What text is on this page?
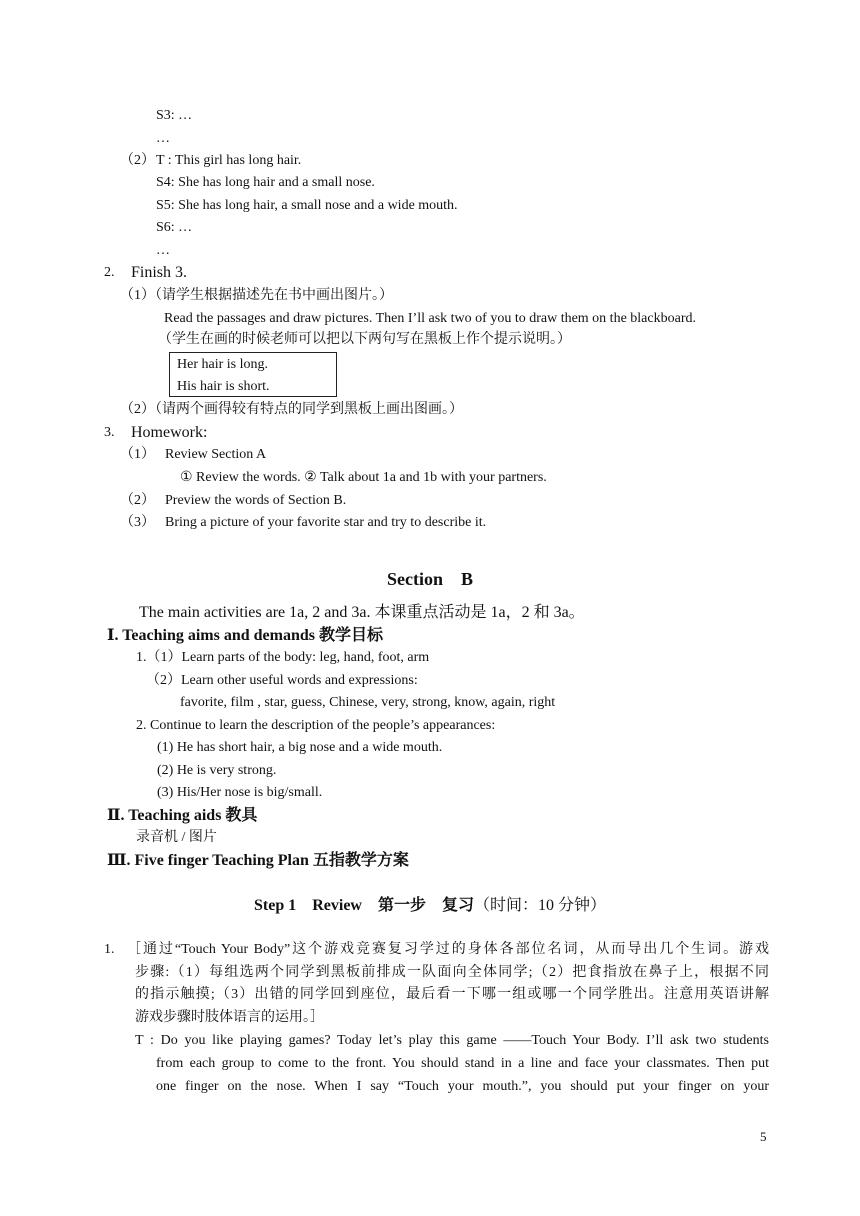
S3: …
…
（2） T : This girl has long hair.
S4: She has long hair and a small nose.
S5: She has long hair, a small nose and a wide mouth.
S6: …
…
2. Finish 3.
（1）
（请学生根据描述先在书中画出图片。）
Read the passages and draw pictures. Then I’ll ask two of you to draw them on the blackboard.
（学生在画的时候老师可以把以下两句写在黑板上作个提示说明。）
Her hair is long.
His hair is short.
（2）
（请两个画得较有特点的同学到黑板上画出图画。）
3. Homework:
（1） Review Section A
① Review the words. ② Talk about 1a and 1b with your partners.
（2） Preview the words of Section B.
（3） Bring a picture of your favorite star and try to describe it.
Section    B
The main activities are 1a, 2 and 3a. 本课重点活动是 1a，2 和 3a。
Ⅰ. Teaching aims and demands 教学目标
1.（1）Learn parts of the body: leg, hand, foot, arm
（2）Learn other useful words and expressions:
favorite, film , star, guess, Chinese, very, strong, know, again, right
2. Continue to learn the description of the people’s appearances:
(1) He has short hair, a big nose and a wide mouth.
(2) He is very strong.
(3) His/Her nose is big/small.
Ⅱ. Teaching aids 教具
录音机 / 图片
Ⅲ. Five finger Teaching Plan 五指教学方案
Step 1    Review    第一步    复习（时间：10 分钟）
1. ［通过“Touch Your Body”这个游戏竞赛复习学过的身体各部位名词，从而导出几个生词。游戏
步骤:（1）每组选两个同学到黑板前排成一队面向全体同学;（2）把食指放在鼻子上，根据不同
的指示触摸;（3）出错的同学回到座位，最后看一下哪一组或哪一个同学胜出。注意用英语讲解
游戏步骤时肢体语言的运用。］
T : Do you like playing games? Today let’s play this game ——Touch Your Body. I’ll ask two students
from each group to come to the front. You should stand in a line and face your classmates. Then put
one finger on the nose. When I say “Touch your mouth.”, you should put your finger on your
5
